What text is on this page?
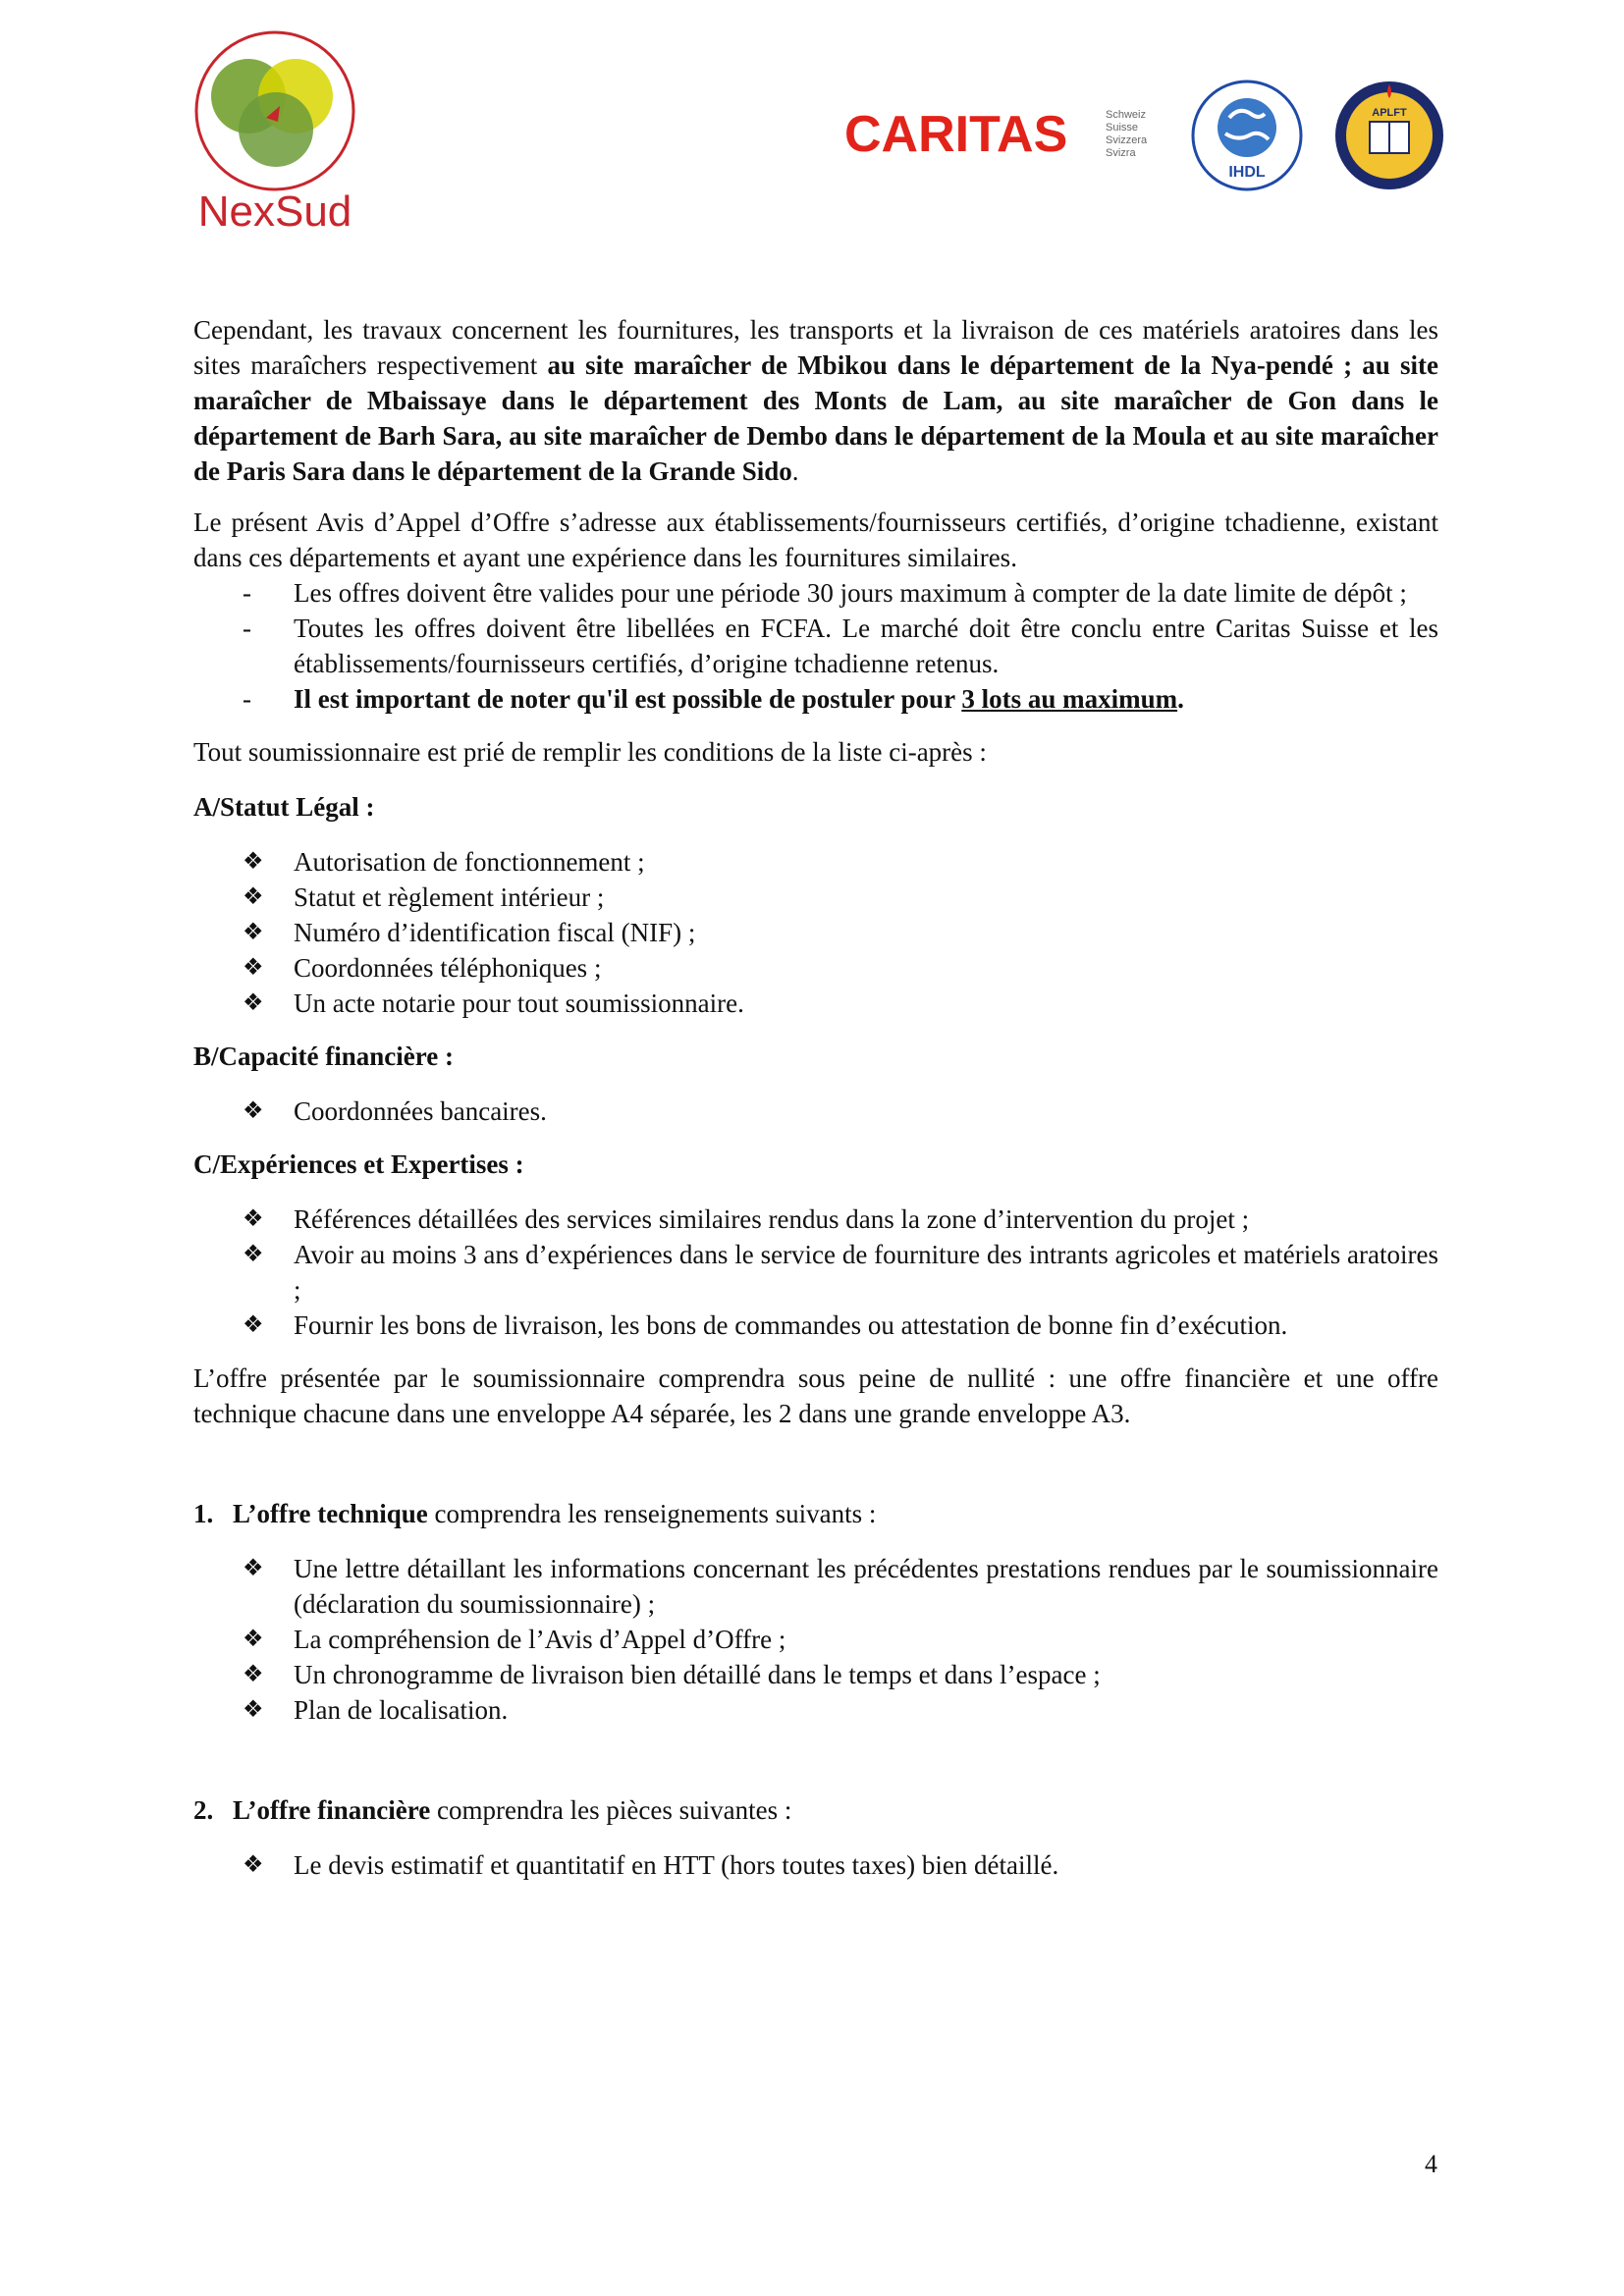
NexSud
CARITAS	Schweiz
Suisse
Svizzera
Svizra
IHDL
APLFT

Cependant, les travaux concernent les fournitures, les transports et la livraison de ces matériels aratoires dans les sites maraîchers respectivement au site maraîcher de Mbikou dans le département de la Nya-pendé ; au site maraîcher de Mbaissaye dans le département des Monts de Lam, au site maraîcher de Gon dans le département de Barh Sara, au site maraîcher de Dembo dans le département de la Moula et au site maraîcher de Paris Sara dans le département de la Grande Sido.

Le présent Avis d’Appel d’Offre s’adresse aux établissements/fournisseurs certifiés, d’origine tchadienne, existant dans ces départements et ayant une expérience dans les fournitures similaires.

- Les offres doivent être valides pour une période 30 jours maximum à compter de la date limite de dépôt ;
- Toutes les offres doivent être libellées en FCFA. Le marché doit être conclu entre Caritas Suisse et les établissements/fournisseurs certifiés, d’origine tchadienne retenus.
- Il est important de noter qu'il est possible de postuler pour 3 lots au maximum.

Tout soumissionnaire est prié de remplir les conditions de la liste ci-après :

A/Statut Légal :

❖ Autorisation de fonctionnement ;
❖ Statut et règlement intérieur ;
❖ Numéro d’identification fiscal (NIF) ;
❖ Coordonnées téléphoniques ;
❖ Un acte notarie pour tout soumissionnaire.

B/Capacité financière :

❖ Coordonnées bancaires.

C/Expériences et Expertises :

❖ Références détaillées des services similaires rendus dans la zone d’intervention du projet ;
❖ Avoir au moins 3 ans d’expériences dans le service de fourniture des intrants agricoles et matériels aratoires ;
❖ Fournir les bons de livraison, les bons de commandes ou attestation de bonne fin d’exécution.

L’offre présentée par le soumissionnaire comprendra sous peine de nullité : une offre financière et une offre technique chacune dans une enveloppe A4 séparée, les 2 dans une grande enveloppe A3.

1. L’offre technique comprendra les renseignements suivants :

❖ Une lettre détaillant les informations concernant les précédentes prestations rendues par le soumissionnaire (déclaration du soumissionnaire) ;
❖ La compréhension de l’Avis d’Appel d’Offre ;
❖ Un chronogramme de livraison bien détaillé dans le temps et dans l’espace ;
❖ Plan de localisation.

2. L’offre financière comprendra les pièces suivantes :

❖ Le devis estimatif et quantitatif en HTT (hors toutes taxes) bien détaillé.
4
